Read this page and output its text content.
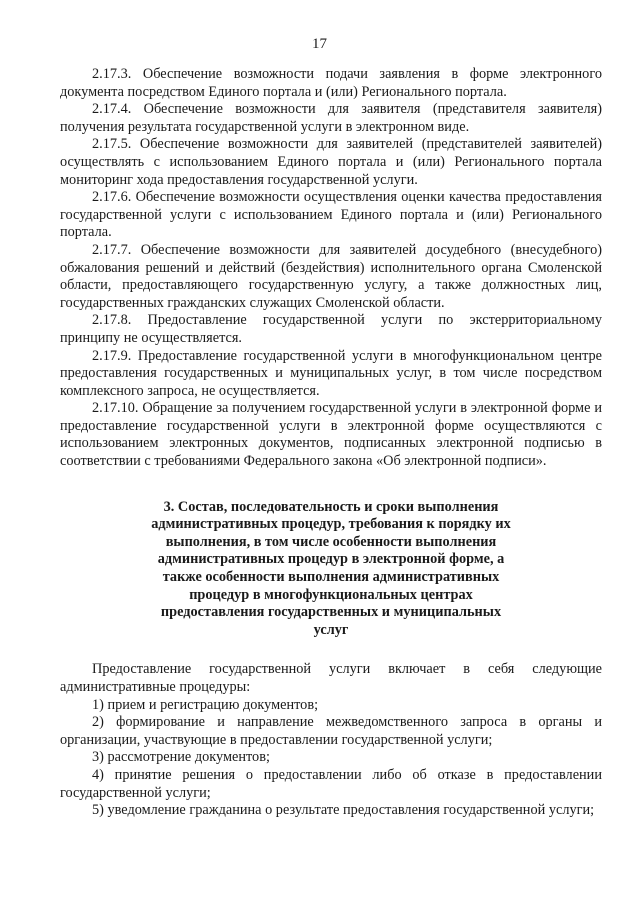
17

2.17.3. Обеспечение возможности подачи заявления в форме электронного документа посредством Единого портала и (или) Регионального портала.

2.17.4. Обеспечение возможности для заявителя (представителя заявителя) получения результата государственной услуги в электронном виде.

2.17.5. Обеспечение возможности для заявителей (представителей заявителей) осуществлять с использованием Единого портала и (или) Регионального портала мониторинг хода предоставления государственной услуги.

2.17.6. Обеспечение возможности осуществления оценки качества предоставления государственной услуги с использованием Единого портала и (или) Регионального портала.

2.17.7. Обеспечение возможности для заявителей досудебного (внесудебного) обжалования решений и действий (бездействия) исполнительного органа Смоленской области, предоставляющего государственную услугу, а также должностных лиц, государственных гражданских служащих Смоленской области.

2.17.8. Предоставление государственной услуги по экстерриториальному принципу не осуществляется.

2.17.9. Предоставление государственной услуги в многофункциональном центре предоставления государственных и муниципальных услуг, в том числе посредством комплексного запроса, не осуществляется.

2.17.10. Обращение за получением государственной услуги в электронной форме и предоставление государственной услуги в электронной форме осуществляются с использованием электронных документов, подписанных электронной подписью в соответствии с требованиями Федерального закона «Об электронной подписи».

3. Состав, последовательность и сроки выполнения административных процедур, требования к порядку их выполнения, в том числе особенности выполнения административных процедур в электронной форме, а также особенности выполнения административных процедур в многофункциональных центрах предоставления государственных и муниципальных услуг

Предоставление государственной услуги включает в себя следующие административные процедуры:

1) прием и регистрацию документов;

2) формирование и направление межведомственного запроса в органы и организации, участвующие в предоставлении государственной услуги;

3) рассмотрение документов;

4) принятие решения о предоставлении либо об отказе в предоставлении государственной услуги;

5) уведомление гражданина о результате предоставления государственной услуги;
